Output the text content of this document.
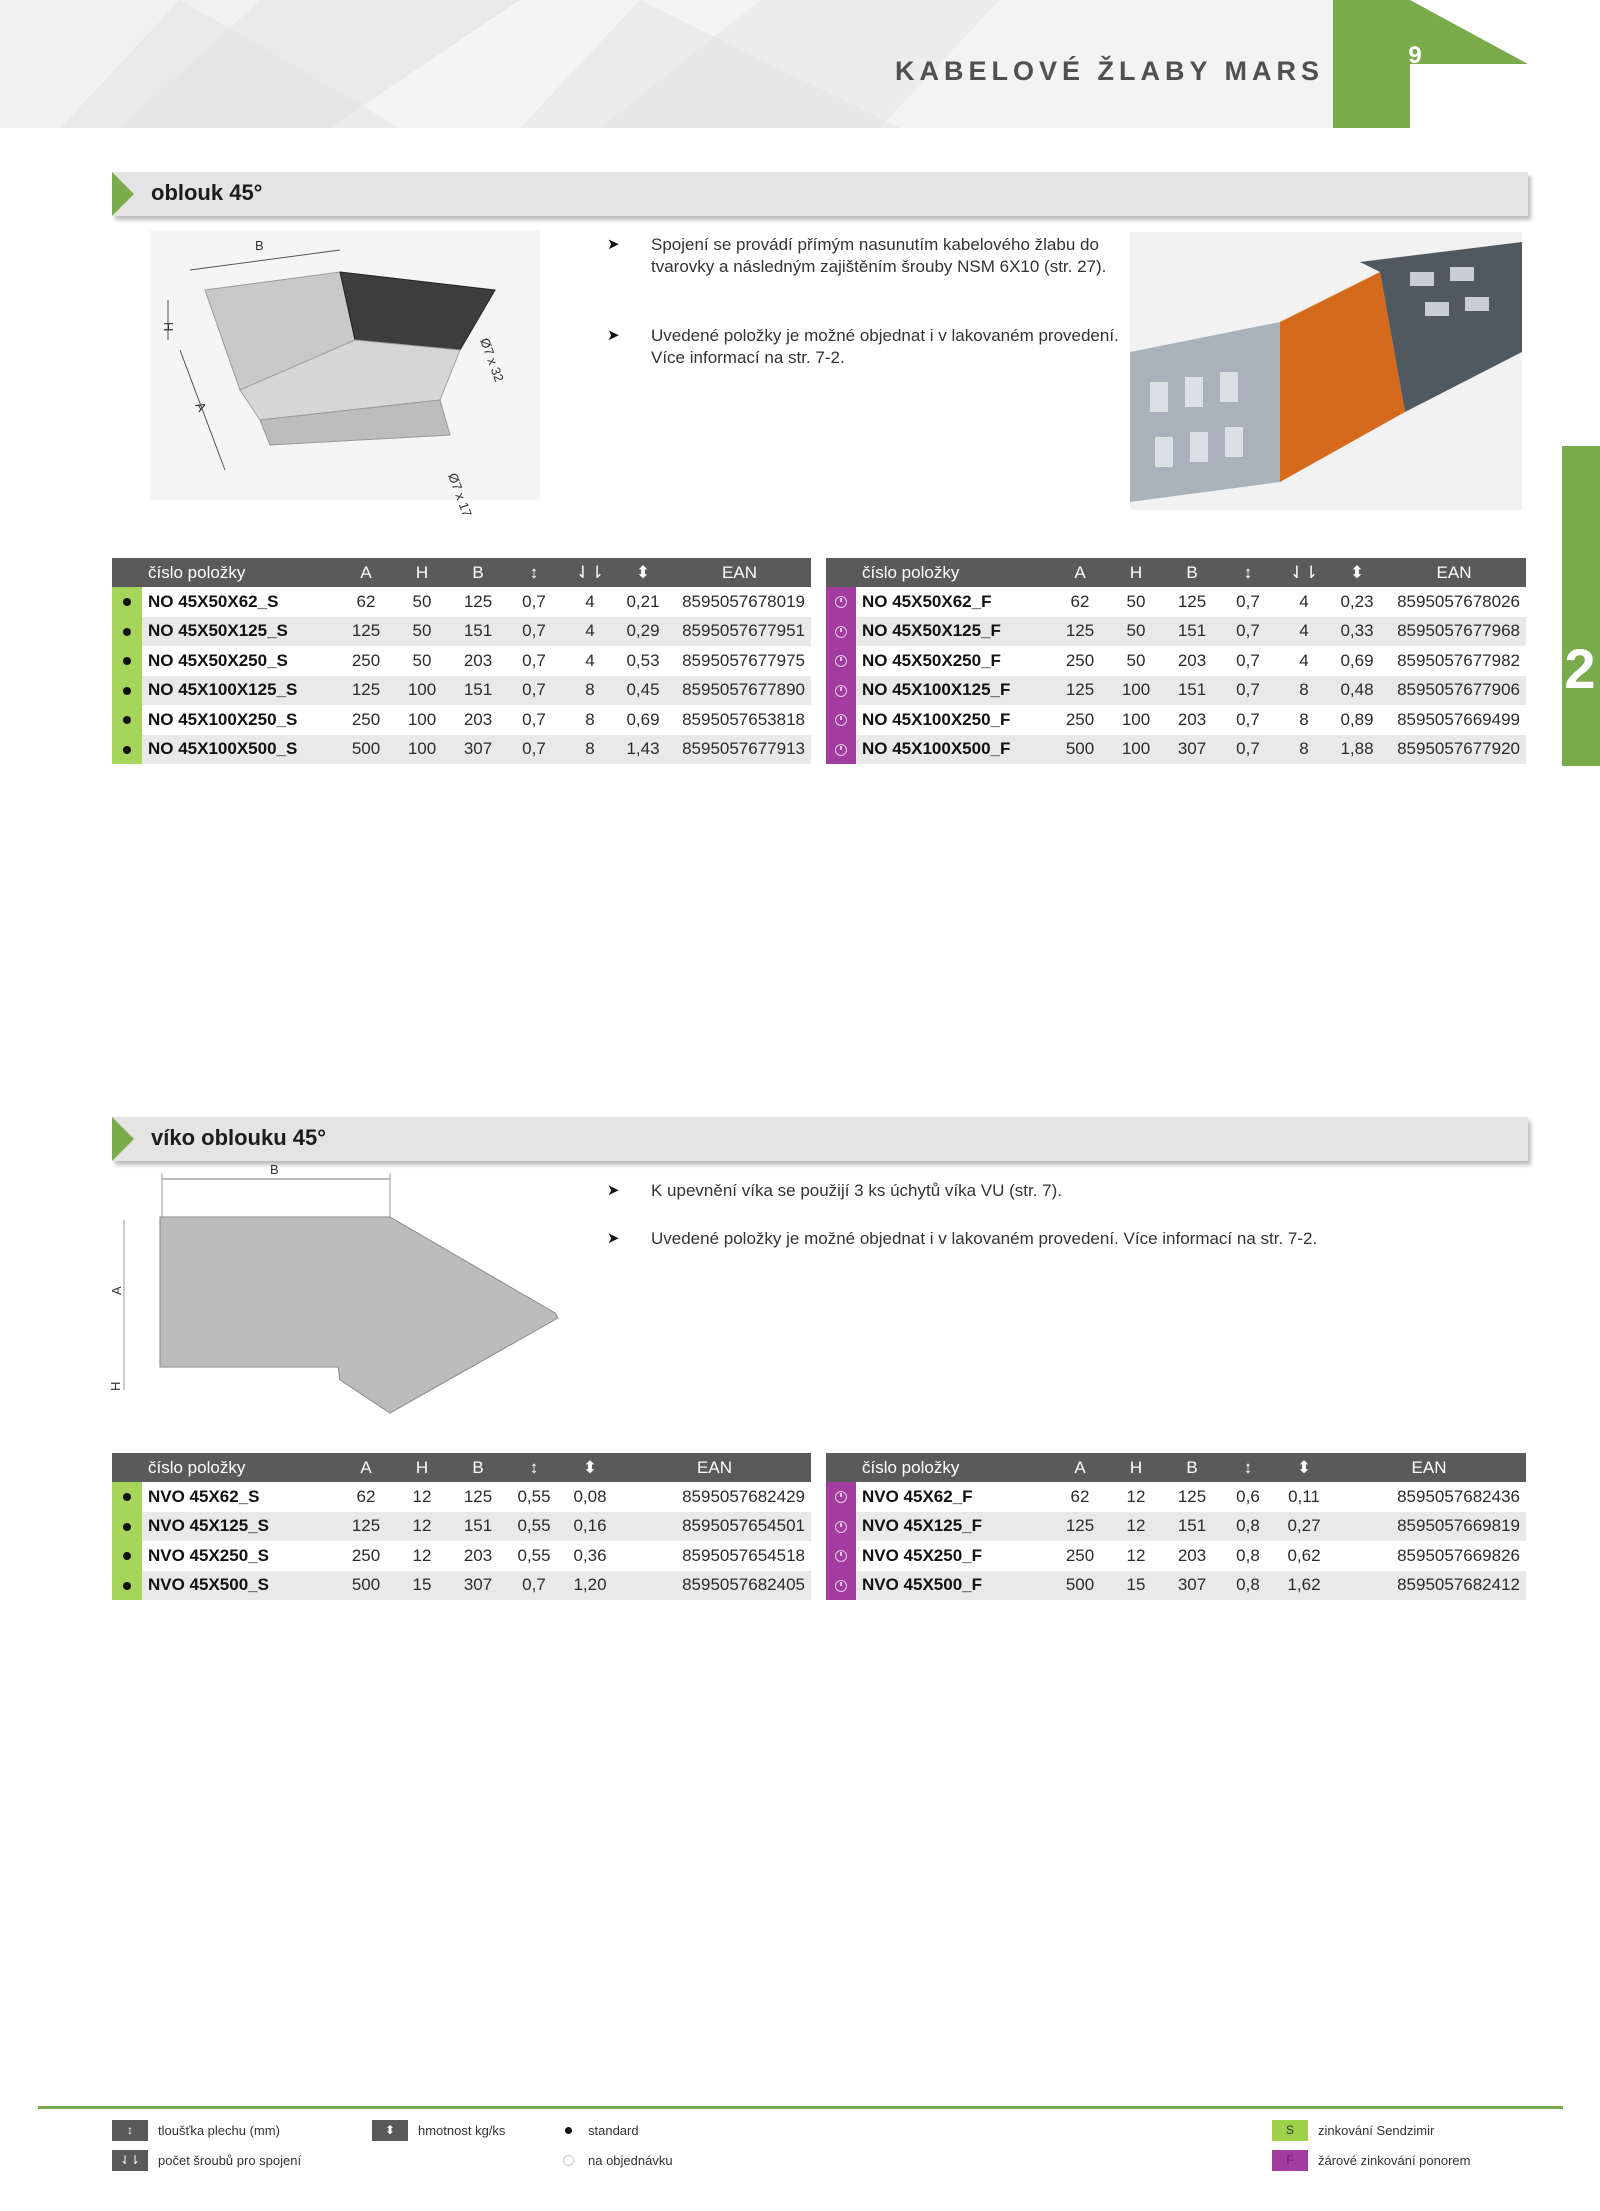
KABELOVÉ ŽLABY MARS
9
K
2
oblouk 45°
B
H
A
Ø7 x 32
Ø7 x 17
➤ Spojení se provádí přímým nasunutím kabelového žlabu do tvarovky a následným zajištěním šrouby NSM 6X10 (str. 27).
➤ Uvedené položky je možné objednat i v lakovaném provedení. Více informací na str. 7-2.
	číslo položky	A	H	B	↕	⇃⇂	⬍	EAN

	NO 45X50X62_S	62	50	125	0,7	4	0,21	8595057678019

	NO 45X50X125_S	125	50	151	0,7	4	0,29	8595057677951

	NO 45X50X250_S	250	50	203	0,7	4	0,53	8595057677975

	NO 45X100X125_S	125	100	151	0,7	8	0,45	8595057677890

	NO 45X100X250_S	250	100	203	0,7	8	0,69	8595057653818

	NO 45X100X500_S	500	100	307	0,7	8	1,43	8595057677913
	číslo položky	A	H	B	↕	⇃⇂	⬍	EAN

	NO 45X50X62_F	62	50	125	0,7	4	0,23	8595057678026

	NO 45X50X125_F	125	50	151	0,7	4	0,33	8595057677968

	NO 45X50X250_F	250	50	203	0,7	4	0,69	8595057677982

	NO 45X100X125_F	125	100	151	0,7	8	0,48	8595057677906

	NO 45X100X250_F	250	100	203	0,7	8	0,89	8595057669499

	NO 45X100X500_F	500	100	307	0,7	8	1,88	8595057677920
víko oblouku 45°
B
A
H
➤ K upevnění víka se použijí 3 ks úchytů víka VU (str. 7).
➤ Uvedené položky je možné objednat i v lakovaném provedení. Více informací na str. 7-2.
	číslo položky	A	H	B	↕	⬍	EAN

	NVO 45X62_S	62	12	125	0,55	0,08	8595057682429

	NVO 45X125_S	125	12	151	0,55	0,16	8595057654501

	NVO 45X250_S	250	12	203	0,55	0,36	8595057654518

	NVO 45X500_S	500	15	307	0,7	1,20	8595057682405
	číslo položky	A	H	B	↕	⬍	EAN

	NVO 45X62_F	62	12	125	0,6	0,11	8595057682436

	NVO 45X125_F	125	12	151	0,8	0,27	8595057669819

	NVO 45X250_F	250	12	203	0,8	0,62	8595057669826

	NVO 45X500_F	500	15	307	0,8	1,62	8595057682412
↕	tloušťka plechu (mm)
⇃⇂	počet šroubů pro spojení
⬍	hmotnost kg/ks	standard
na objednávku
S	zinkování Sendzimir
F	žárové zinkování ponorem
